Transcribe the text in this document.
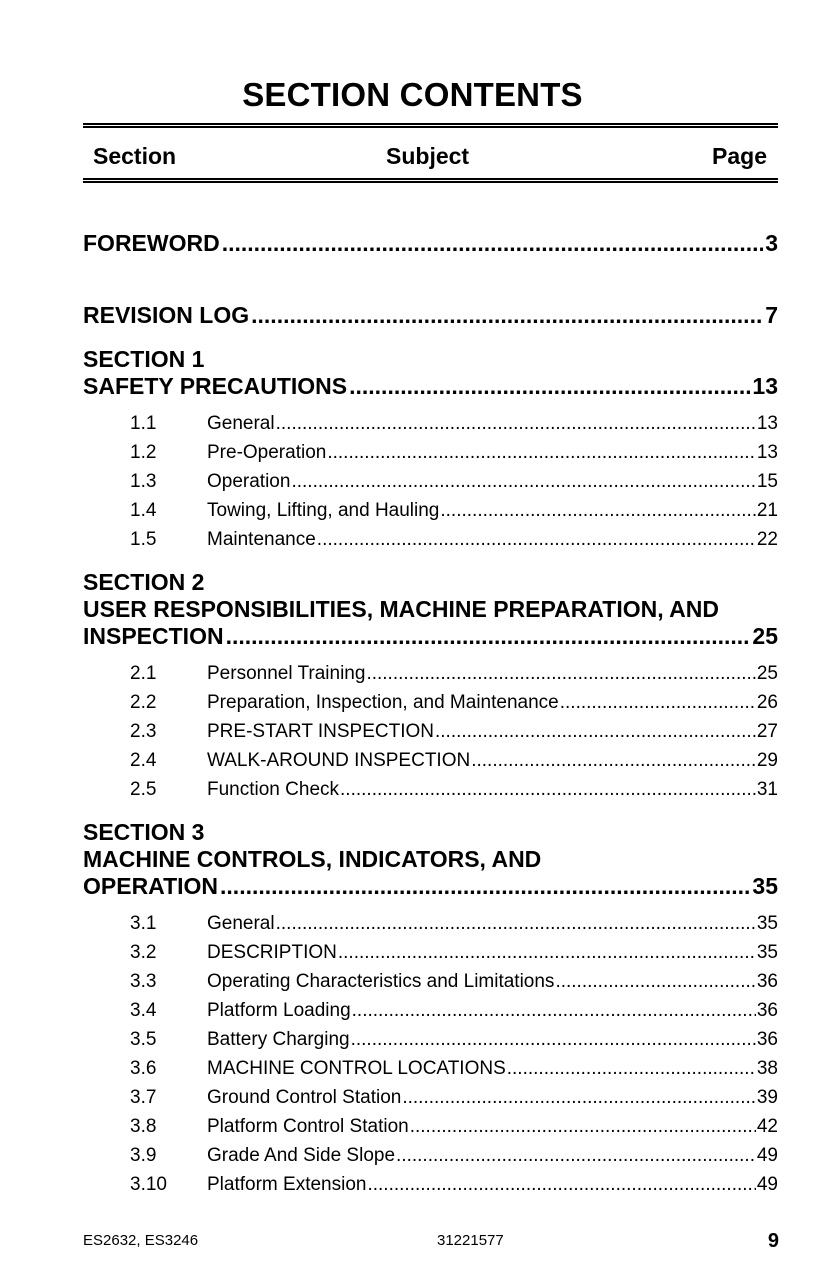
SECTION CONTENTS
Section	Subject	Page
FOREWORD .....	3
REVISION LOG .....	7
SECTION 1
SAFETY PRECAUTIONS .....	13
1.1	General .....	13
1.2	Pre-Operation .....	13
1.3	Operation .....	15
1.4	Towing, Lifting, and Hauling .....	21
1.5	Maintenance .....	22
SECTION 2
USER RESPONSIBILITIES, MACHINE PREPARATION, AND
INSPECTION .....	25
2.1	Personnel Training .....	25
2.2	Preparation, Inspection, and Maintenance .....	26
2.3	PRE-START INSPECTION .....	27
2.4	WALK-AROUND INSPECTION .....	29
2.5	Function Check .....	31
SECTION 3
MACHINE CONTROLS, INDICATORS, AND
OPERATION .....	35
3.1	General .....	35
3.2	DESCRIPTION .....	35
3.3	Operating Characteristics and Limitations .....	36
3.4	Platform Loading .....	36
3.5	Battery Charging .....	36
3.6	MACHINE CONTROL LOCATIONS .....	38
3.7	Ground Control Station .....	39
3.8	Platform Control Station .....	42
3.9	Grade And Side Slope .....	49
3.10 Platform Extension .....	49
ES2632, ES3246	31221577	9
